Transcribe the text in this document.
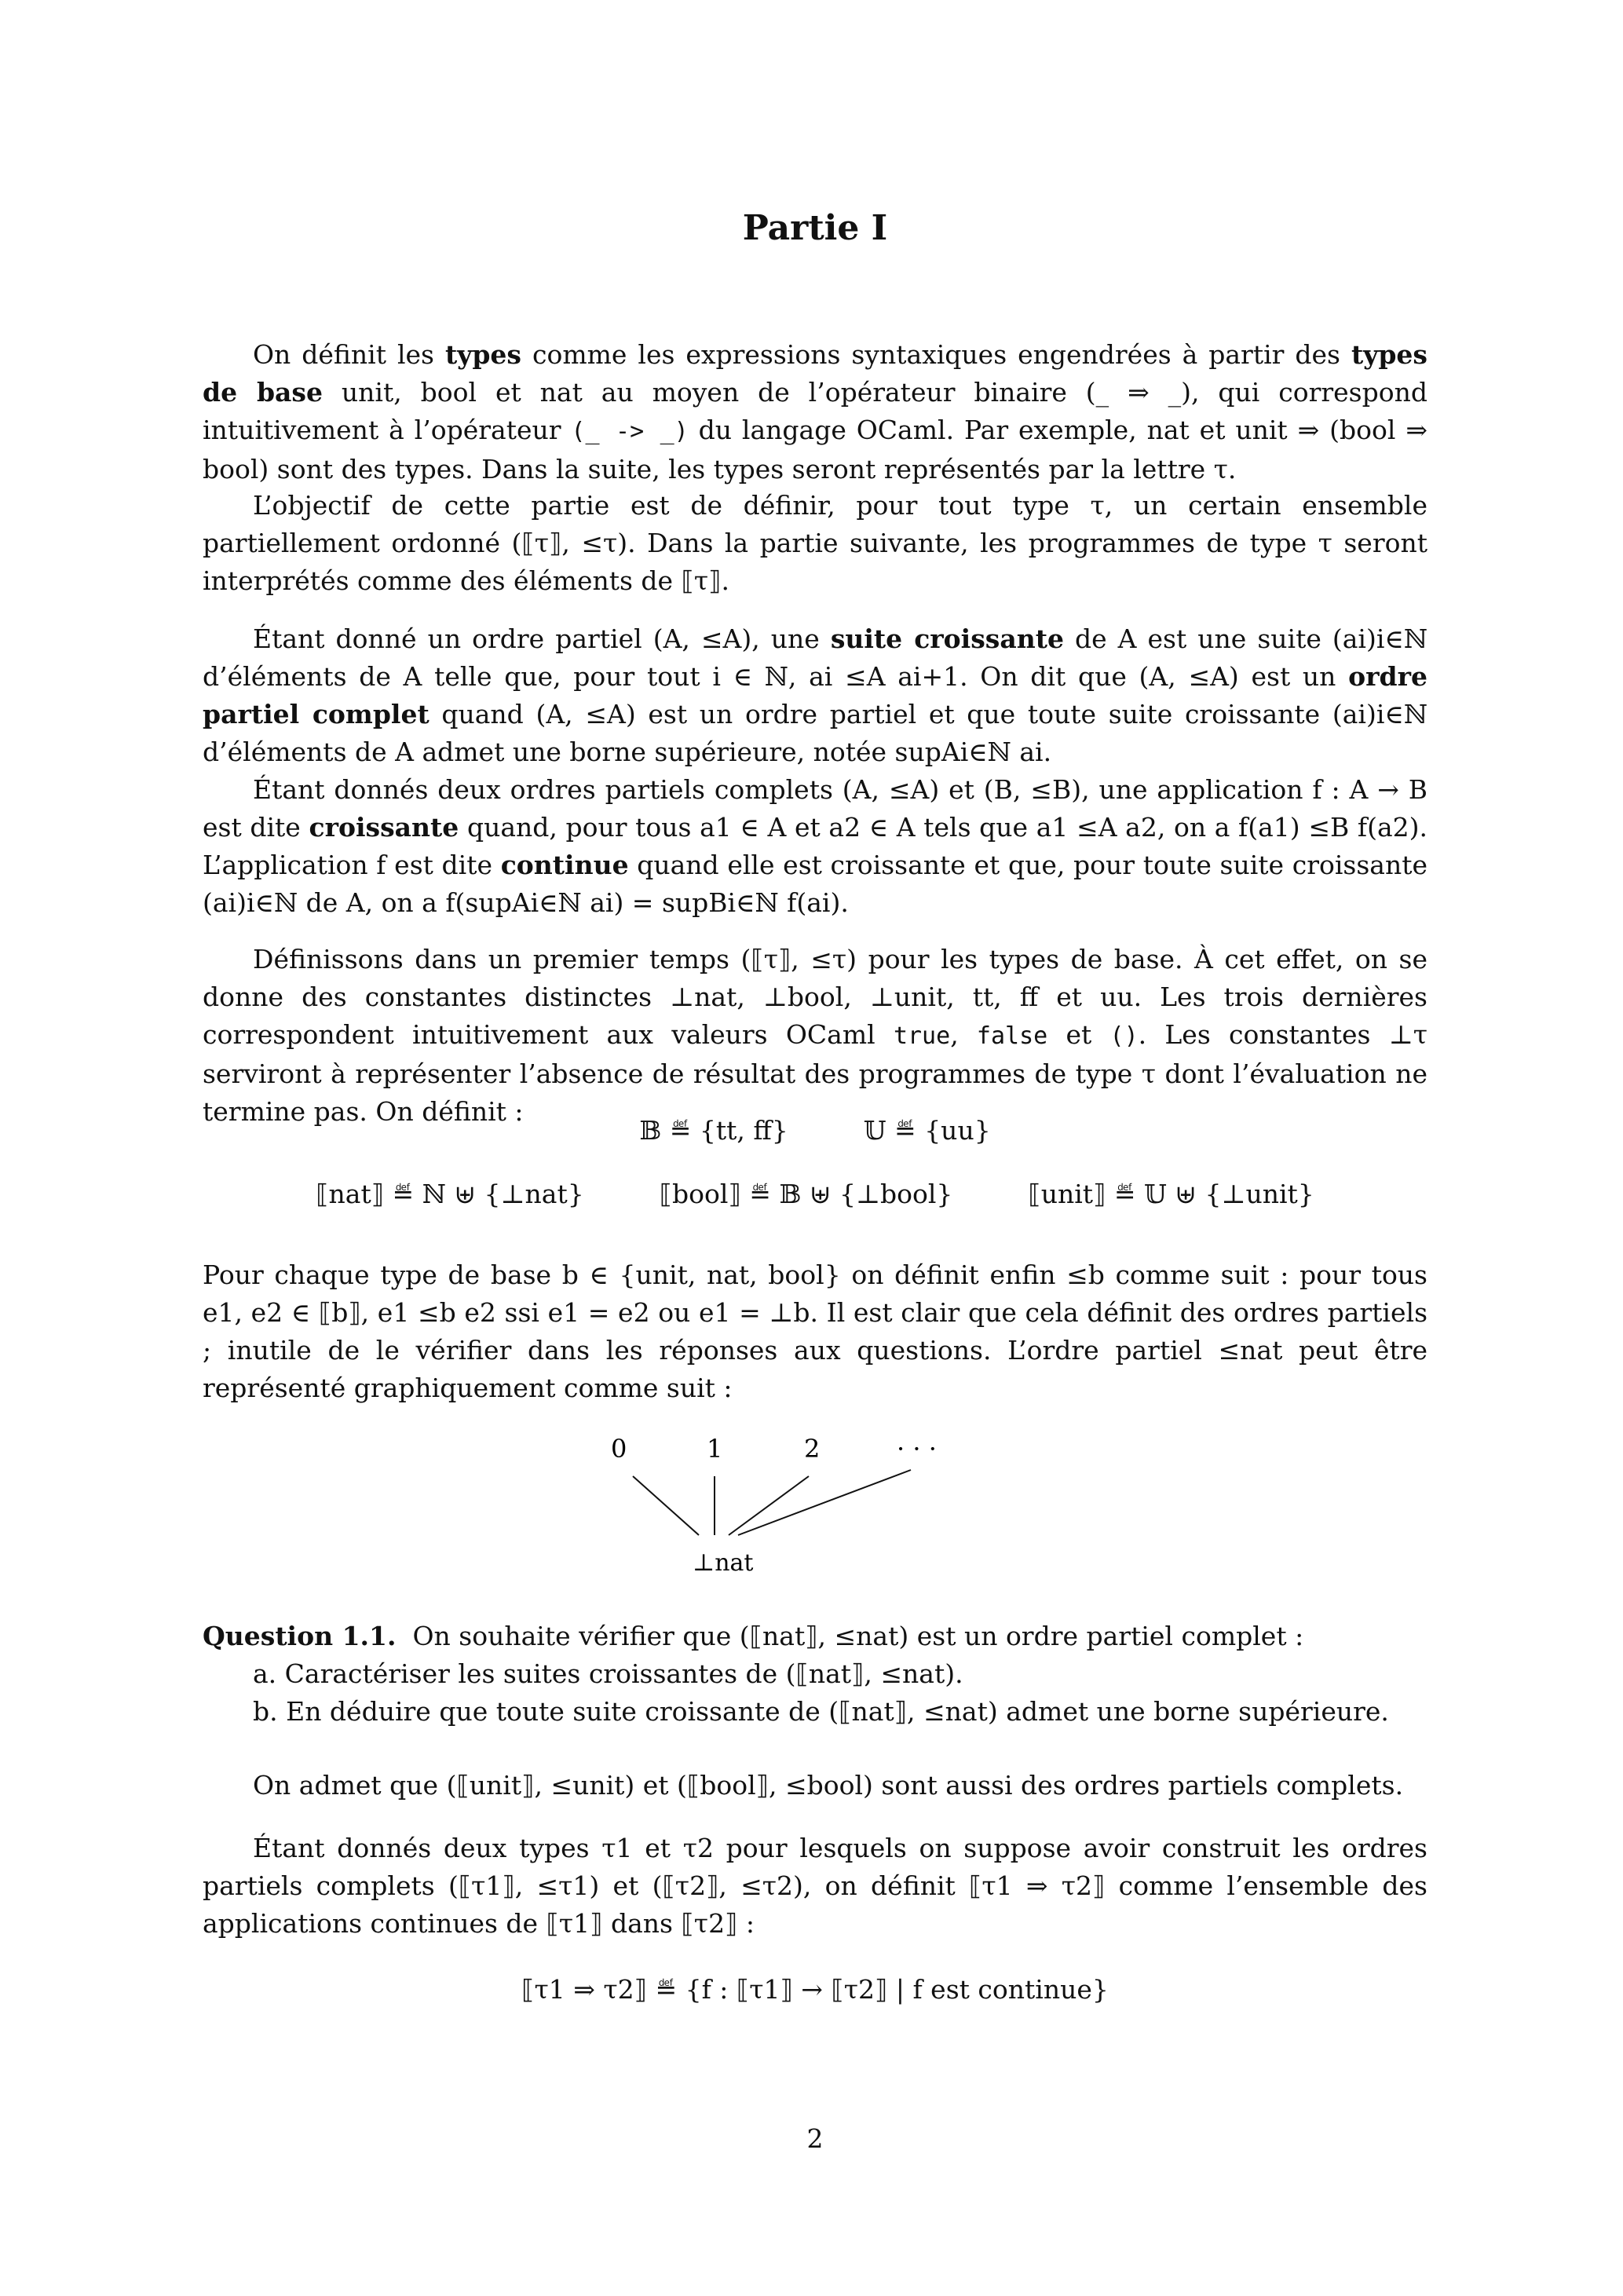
Partie I
On définit les types comme les expressions syntaxiques engendrées à partir des types de base unit, bool et nat au moyen de l’opérateur binaire (_ ⇒ _), qui correspond intuitivement à l’opérateur (_ -> _) du langage OCaml. Par exemple, nat et unit ⇒ (bool ⇒ bool) sont des types. Dans la suite, les types seront représentés par la lettre τ.
L’objectif de cette partie est de définir, pour tout type τ, un certain ensemble partiellement ordonné (⟦τ⟧, ≤τ). Dans la partie suivante, les programmes de type τ seront interprétés comme des éléments de ⟦τ⟧.
Étant donné un ordre partiel (A, ≤A), une suite croissante de A est une suite (ai)i∈ℕ d’éléments de A telle que, pour tout i ∈ ℕ, ai ≤A ai+1. On dit que (A, ≤A) est un ordre partiel complet quand (A, ≤A) est un ordre partiel et que toute suite croissante (ai)i∈ℕ d’éléments de A admet une borne supérieure, notée supAi∈ℕ ai.
Étant donnés deux ordres partiels complets (A, ≤A) et (B, ≤B), une application f : A → B est dite croissante quand, pour tous a1 ∈ A et a2 ∈ A tels que a1 ≤A a2, on a f(a1) ≤B f(a2). L’application f est dite continue quand elle est croissante et que, pour toute suite croissante (ai)i∈ℕ de A, on a f(supAi∈ℕ ai) = supBi∈ℕ f(ai).
Définissons dans un premier temps (⟦τ⟧, ≤τ) pour les types de base. À cet effet, on se donne des constantes distinctes ⊥nat, ⊥bool, ⊥unit, tt, ff et uu. Les trois dernières correspondent intuitivement aux valeurs OCaml true, false et (). Les constantes ⊥τ serviront à représenter l’absence de résultat des programmes de type τ dont l’évaluation ne termine pas. On définit :
𝔹 ≝ {tt, ff}	𝕌 ≝ {uu}
⟦nat⟧ ≝ ℕ ⊎ {⊥nat}	⟦bool⟧ ≝ 𝔹 ⊎ {⊥bool}	⟦unit⟧ ≝ 𝕌 ⊎ {⊥unit}
Pour chaque type de base b ∈ {unit, nat, bool} on définit enfin ≤b comme suit : pour tous e1, e2 ∈ ⟦b⟧, e1 ≤b e2 ssi e1 = e2 ou e1 = ⊥b. Il est clair que cela définit des ordres partiels ; inutile de le vérifier dans les réponses aux questions. L’ordre partiel ≤nat peut être représenté graphiquement comme suit :
0	1	2	· · ·
⊥nat
Question 1.1. On souhaite vérifier que (⟦nat⟧, ≤nat) est un ordre partiel complet :
a. Caractériser les suites croissantes de (⟦nat⟧, ≤nat).
b. En déduire que toute suite croissante de (⟦nat⟧, ≤nat) admet une borne supérieure.
On admet que (⟦unit⟧, ≤unit) et (⟦bool⟧, ≤bool) sont aussi des ordres partiels complets.
Étant donnés deux types τ1 et τ2 pour lesquels on suppose avoir construit les ordres partiels complets (⟦τ1⟧, ≤τ1) et (⟦τ2⟧, ≤τ2), on définit ⟦τ1 ⇒ τ2⟧ comme l’ensemble des applications continues de ⟦τ1⟧ dans ⟦τ2⟧ :
⟦τ1 ⇒ τ2⟧ ≝ {f : ⟦τ1⟧ → ⟦τ2⟧ | f est continue}
2
